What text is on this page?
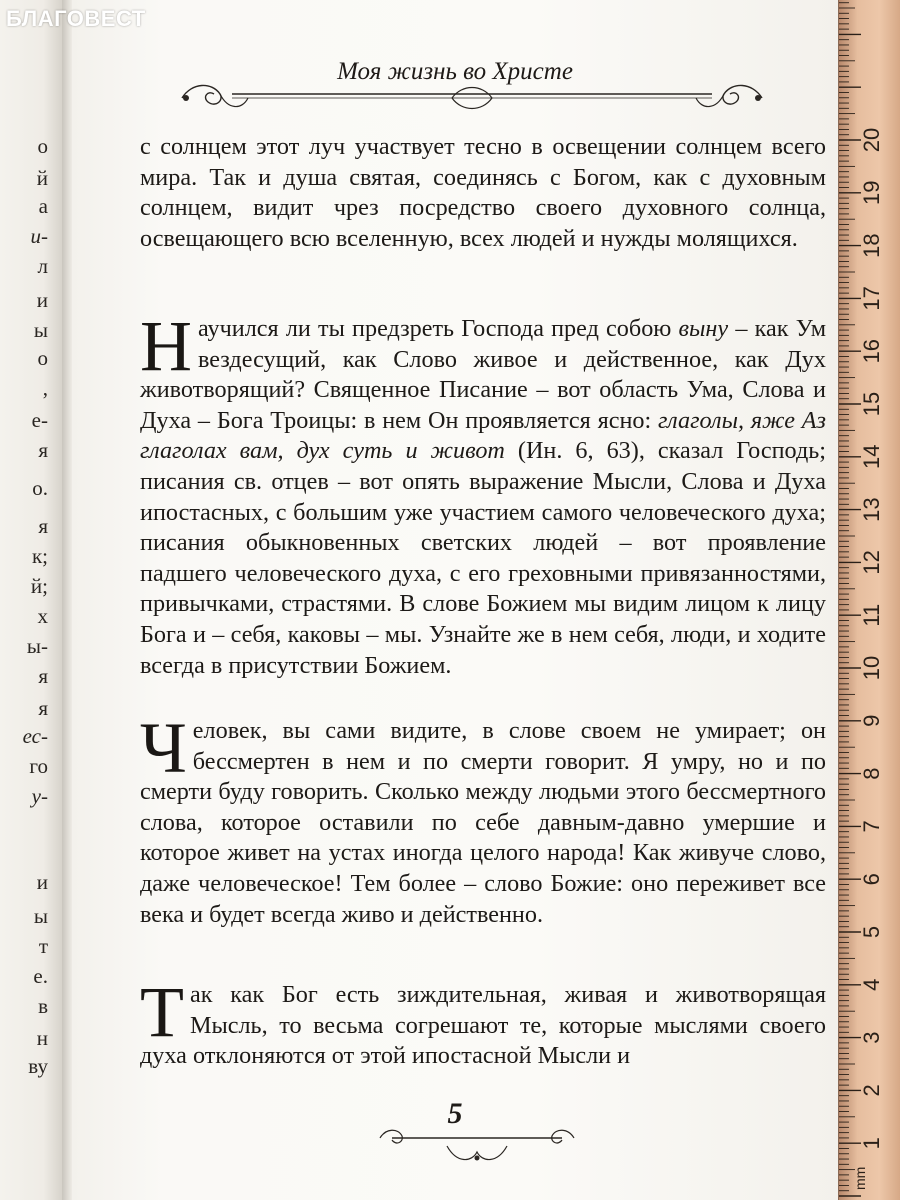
Моя жизнь во Христе
с солнцем этот луч участвует тесно в освещении солнцем всего мира. Так и душа святая, соединясь с Богом, как с духовным солнцем, видит чрез посредство своего духовного солнца, освещающего всю вселенную, всех людей и нужды молящихся.
Научился ли ты предзреть Господа пред собою выну – как Ум вездесущий, как Слово живое и действенное, как Дух животворящий? Священное Писание – вот область Ума, Слова и Духа – Бога Троицы: в нем Он проявляется ясно: глаголы, яже Аз глаголах вам, дух суть и живот (Ин. 6, 63), сказал Господь; писания св. отцев – вот опять выражение Мысли, Слова и Духа ипостасных, с большим уже участием самого человеческого духа; писания обыкновенных светских людей – вот проявление падшего человеческого духа, с его греховными привязанностями, привычками, страстями. В слове Божием мы видим лицом к лицу Бога и – себя, каковы – мы. Узнайте же в нем себя, люди, и ходите всегда в присутствии Божием.
Человек, вы сами видите, в слове своем не умирает; он бессмертен в нем и по смерти говорит. Я умру, но и по смерти буду говорить. Сколько между людьми этого бессмертного слова, которое оставили по себе давным-давно умершие и которое живет на устах иногда целого народа! Как живуче слово, даже человеческое! Тем более – слово Божие: оно переживет все века и будет всегда живо и действенно.
Так как Бог есть зиждительная, живая и животворящая Мысль, то весьма согрешают те, которые мыслями своего духа отклоняются от этой ипостасной Мысли и
5
о
й
а
и-
л
и
ы
о
,
е-
я
о.
я
к;
й;
х
ы-
я
я
ес-
го
у-
и
ы
т
е.
в
н
ву
1
2
3
4
5
6
7
8
9
10
11
12
13
14
15
16
17
18
19
20
mm
БЛАГОВЕСТ
